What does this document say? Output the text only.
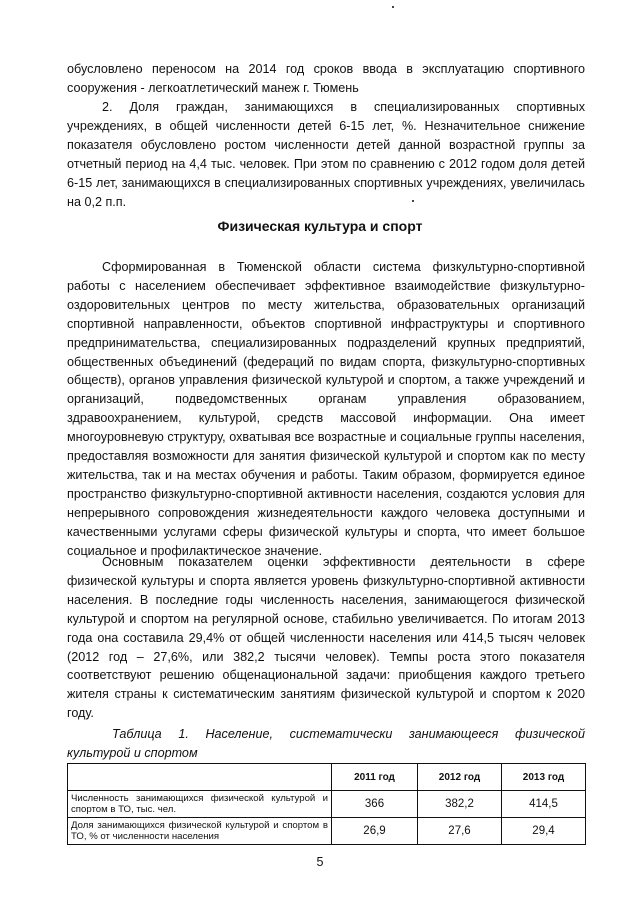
обусловлено переносом на 2014 год сроков ввода в эксплуатацию спортивного сооружения - легкоатлетический манеж г. Тюмень

2. Доля граждан, занимающихся в специализированных спортивных учреждениях, в общей численности детей 6-15 лет, %. Незначительное снижение показателя обусловлено ростом численности детей данной возрастной группы за отчетный период на 4,4 тыс. человек. При этом по сравнению с 2012 годом доля детей 6-15 лет, занимающихся в специализированных спортивных учреждениях, увеличилась на 0,2 п.п.

Физическая культура и спорт

Сформированная в Тюменской области система физкультурно-спортивной работы с населением обеспечивает эффективное взаимодействие физкультурно-оздоровительных центров по месту жительства, образовательных организаций спортивной направленности, объектов спортивной инфраструктуры и спортивного предпринимательства, специализированных подразделений крупных предприятий, общественных объединений (федераций по видам спорта, физкультурно-спортивных обществ), органов управления физической культурой и спортом, а также учреждений и организаций, подведомственных органам управления образованием, здравоохранением, культурой, средств массовой информации. Она имеет многоуровневую структуру, охватывая все возрастные и социальные группы населения, предоставляя возможности для занятия физической культурой и спортом как по месту жительства, так и на местах обучения и работы. Таким образом, формируется единое пространство физкультурно-спортивной активности населения, создаются условия для непрерывного сопровождения жизнедеятельности каждого человека доступными и качественными услугами сферы физической культуры и спорта, что имеет большое социальное и профилактическое значение.

Основным показателем оценки эффективности деятельности в сфере физической культуры и спорта является уровень физкультурно-спортивной активности населения. В последние годы численность населения, занимающегося физической культурой и спортом на регулярной основе, стабильно увеличивается. По итогам 2013 года она составила 29,4% от общей численности населения или 414,5 тысяч человек (2012 год – 27,6%, или 382,2 тысячи человек). Темпы роста этого показателя соответствуют решению общенациональной задачи: приобщения каждого третьего жителя страны к систематическим занятиям физической культурой и спортом к 2020 году.

Таблица 1. Население, систематически занимающееся физической
культурой и спортом
	2011 год	2012 год	2013 год
Численность занимающихся физической культурой и спортом в ТО, тыс. чел.	366	382,2	414,5
Доля занимающихся физической культурой и спортом в ТО, % от численности населения	26,9	27,6	29,4

5
